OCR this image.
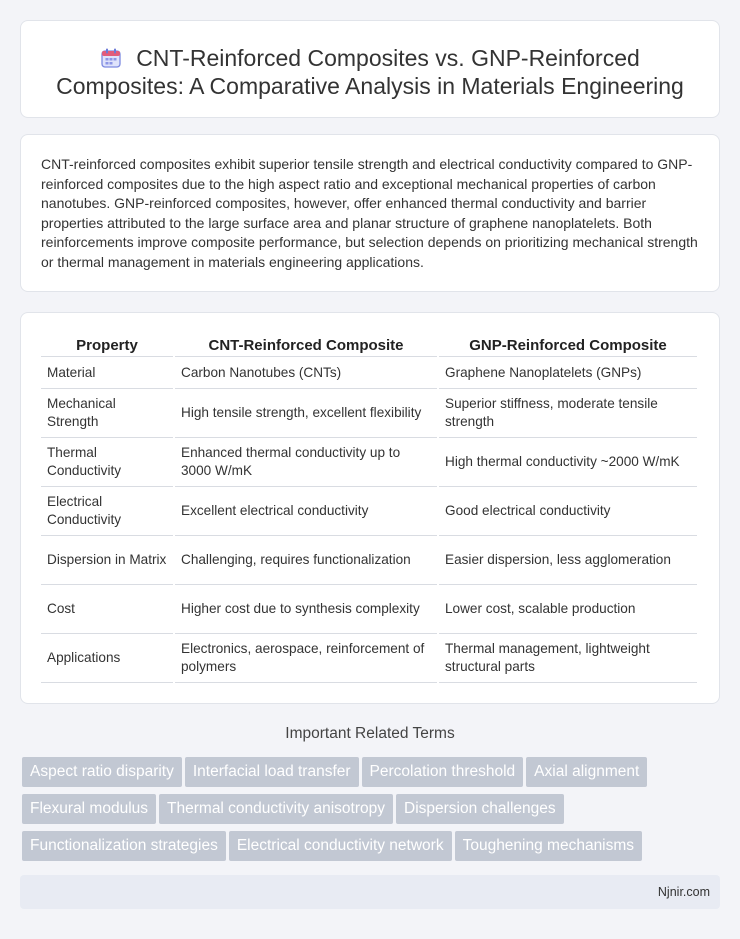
CNT-Reinforced Composites vs. GNP-Reinforced Composites: A Comparative Analysis in Materials Engineering

CNT-reinforced composites exhibit superior tensile strength and electrical conductivity compared to GNP-reinforced composites due to the high aspect ratio and exceptional mechanical properties of carbon nanotubes. GNP-reinforced composites, however, offer enhanced thermal conductivity and barrier properties attributed to the large surface area and planar structure of graphene nanoplatelets. Both reinforcements improve composite performance, but selection depends on prioritizing mechanical strength or thermal management in materials engineering applications.

Property	CNT-Reinforced Composite	GNP-Reinforced Composite
Material	Carbon Nanotubes (CNTs)	Graphene Nanoplatelets (GNPs)
Mechanical Strength	High tensile strength, excellent flexibility	Superior stiffness, moderate tensile strength
Thermal Conductivity	Enhanced thermal conductivity up to 3000 W/mK	High thermal conductivity ~2000 W/mK
Electrical Conductivity	Excellent electrical conductivity	Good electrical conductivity
Dispersion in Matrix	Challenging, requires functionalization	Easier dispersion, less agglomeration
Cost	Higher cost due to synthesis complexity	Lower cost, scalable production
Applications	Electronics, aerospace, reinforcement of polymers	Thermal management, lightweight structural parts
Important Related Terms
Aspect ratio disparity Interfacial load transfer Percolation threshold Axial alignmentFlexural modulus Thermal conductivity anisotropy Dispersion challengesFunctionalization strategies Electrical conductivity network Toughening mechanisms
Njnir.com
